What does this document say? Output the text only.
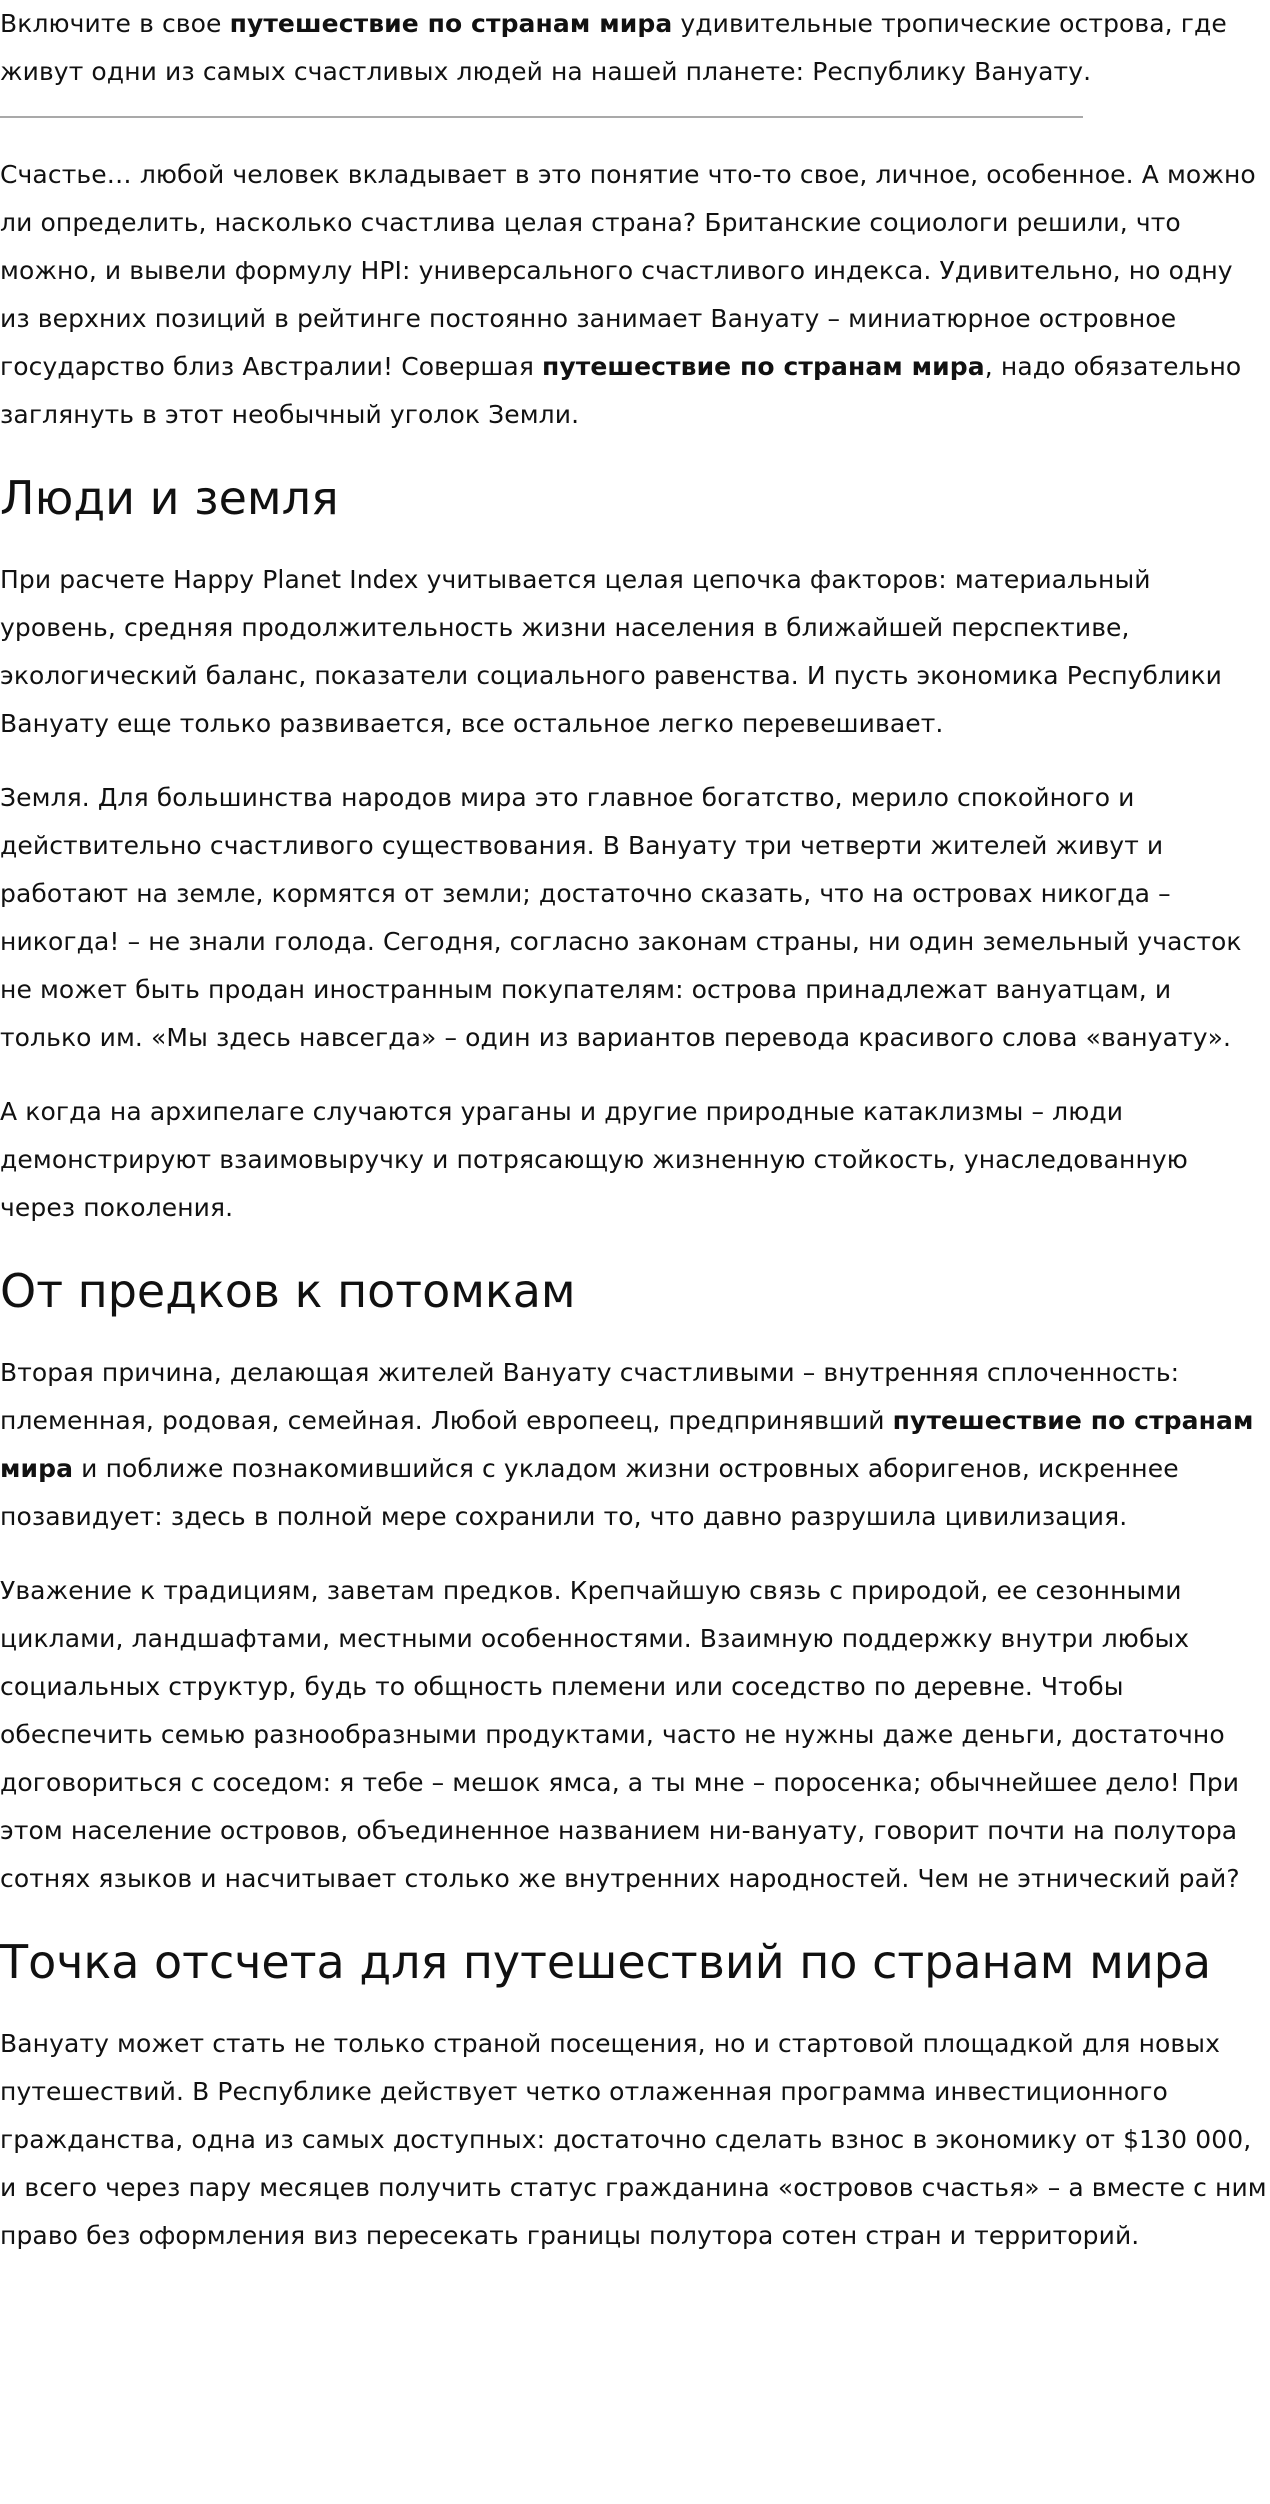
Включите в свое путешествие по странам мира удивительные тропические острова, где живут одни из самых счастливых людей на нашей планете: Республику Вануату.

Счастье… любой человек вкладывает в это понятие что-то свое, личное, особенное. А можно ли определить, насколько счастлива целая страна? Британские социологи решили, что можно, и вывели формулу HPI: универсального счастливого индекса. Удивительно, но одну из верхних позиций в рейтинге постоянно занимает Вануату – миниатюрное островное государство близ Австралии! Совершая путешествие по странам мира, надо обязательно заглянуть в этот необычный уголок Земли.

Люди и земля

При расчете Happy Planet Index учитывается целая цепочка факторов: материальный уровень, средняя продолжительность жизни населения в ближайшей перспективе, экологический баланс, показатели социального равенства. И пусть экономика Республики Вануату еще только развивается, все остальное легко перевешивает.

Земля. Для большинства народов мира это главное богатство, мерило спокойного и действительно счастливого существования. В Вануату три четверти жителей живут и работают на земле, кормятся от земли; достаточно сказать, что на островах никогда – никогда! – не знали голода. Сегодня, согласно законам страны, ни один земельный участок не может быть продан иностранным покупателям: острова принадлежат вануатцам, и только им. «Мы здесь навсегда» – один из вариантов перевода красивого слова «вануату».

А когда на архипелаге случаются ураганы и другие природные катаклизмы – люди демонстрируют взаимовыручку и потрясающую жизненную стойкость, унаследованную через поколения.

От предков к потомкам

Вторая причина, делающая жителей Вануату счастливыми – внутренняя сплоченность: племенная, родовая, семейная. Любой европеец, предпринявший путешествие по странам мира и поближе познакомившийся с укладом жизни островных аборигенов, искреннее позавидует: здесь в полной мере сохранили то, что давно разрушила цивилизация.

Уважение к традициям, заветам предков. Крепчайшую связь с природой, ее сезонными циклами, ландшафтами, местными особенностями. Взаимную поддержку внутри любых социальных структур, будь то общность племени или соседство по деревне. Чтобы обеспечить семью разнообразными продуктами, часто не нужны даже деньги, достаточно договориться с соседом: я тебе – мешок ямса, а ты мне – поросенка; обычнейшее дело! При этом население островов, объединенное названием ни-вануату, говорит почти на полутора сотнях языков и насчитывает столько же внутренних народностей. Чем не этнический рай?

Точка отсчета для путешествий по странам мира

Вануату может стать не только страной посещения, но и стартовой площадкой для новых путешествий. В Республике действует четко отлаженная программа инвестиционного гражданства, одна из самых доступных: достаточно сделать взнос в экономику от $130 000, и всего через пару месяцев получить статус гражданина «островов счастья» – а вместе с ним право без оформления виз пересекать границы полутора сотен стран и территорий.
